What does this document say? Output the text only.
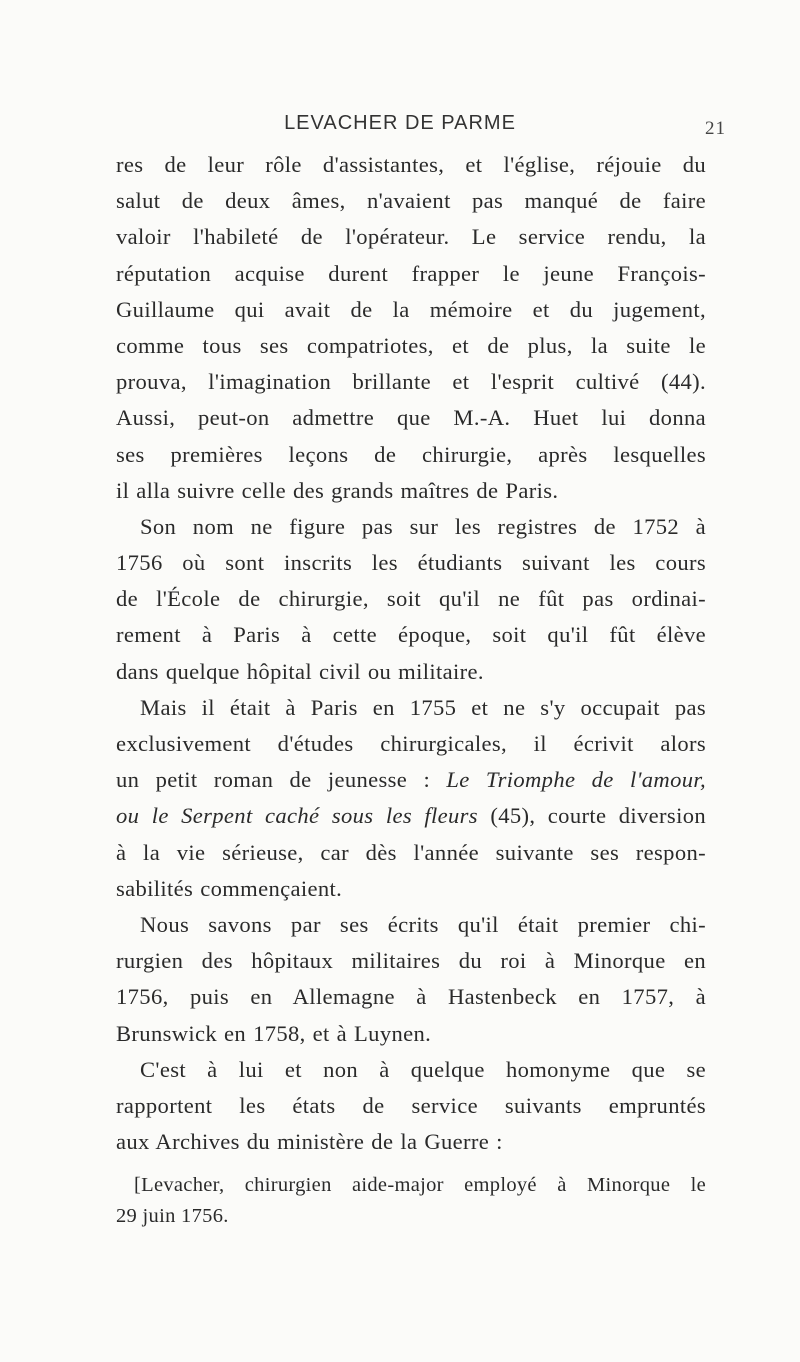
LEVACHER DE PARME	21
res de leur rôle d'assistantes, et l'église, réjouie du
salut de deux âmes, n'avaient pas manqué de faire
valoir l'habileté de l'opérateur. Le service rendu, la
réputation acquise durent frapper le jeune François-
Guillaume qui avait de la mémoire et du jugement,
comme tous ses compatriotes, et de plus, la suite le
prouva, l'imagination brillante et l'esprit cultivé (44).
Aussi, peut-on admettre que M.-A. Huet lui donna
ses premières leçons de chirurgie, après lesquelles
il alla suivre celle des grands maîtres de Paris.
Son nom ne figure pas sur les registres de 1752 à
1756 où sont inscrits les étudiants suivant les cours
de l'École de chirurgie, soit qu'il ne fût pas ordinai-
rement à Paris à cette époque, soit qu'il fût élève
dans quelque hôpital civil ou militaire.
Mais il était à Paris en 1755 et ne s'y occupait pas
exclusivement d'études chirurgicales, il écrivit alors
un petit roman de jeunesse : Le Triomphe de l'amour,
ou le Serpent caché sous les fleurs (45), courte diversion
à la vie sérieuse, car dès l'année suivante ses respon-
sabilités commençaient.
Nous savons par ses écrits qu'il était premier chi-
rurgien des hôpitaux militaires du roi à Minorque en
1756, puis en Allemagne à Hastenbeck en 1757, à
Brunswick en 1758, et à Luynen.
C'est à lui et non à quelque homonyme que se
rapportent les états de service suivants empruntés
aux Archives du ministère de la Guerre :
[Levacher, chirurgien aide-major employé à Minorque le
29 juin 1756.
